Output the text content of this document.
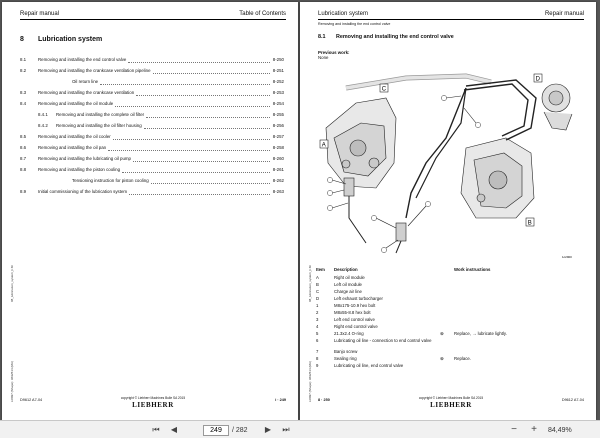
Repair manual	Table of Contents
8 Lubrication system
8.1	Removing and installing the end control valve	8-250
8.2	Removing and installing the crankcase ventilation pipeline	8-251
Oil return line	8-252
8.3	Removing and installing the crankcase ventilation	8-253
8.4	Removing and installing the oil module	8-254
8.4.1 Removing and installing the complete oil filter	8-255
8.4.2 Removing and installing the oil filter housing	8-256
8.5	Removing and installing the oil cooler	8-257
8.6	Removing and installing the oil pan	8-258
8.7	Removing and installing the lubricating oil pump	8-260
8.8	Removing and installing the piston cooling	8-261
Tensioning instruction for piston cooling	8-262
8.9	Initial commissioning of the lubrication system	8-263
08_lubrication_system_lr.fm
LR097 (Shape): 9692514 (MA) D9612 A7-04	copyright © Liebherr Machines Bulle SA 2015
LIEBHERR
i · 249
Lubrication system	Repair manual
Removing and installing the end control valve
8.1 Removing and installing the end control valve
Previous work:
None
A
B
C
D
1c2900
Item Description	Work instructions
A	Right oil module
B	Left oil module
C	Charge air line
D	Left exhaust turbocharger
1	M8x175-10.9 hex bolt
2	M8x55-8.8 hex bolt
3	Left end control valve
4	Right end control valve
5	21.3x2.4 O-ring	⊗ Replace, → lubricate lightly.
6	Lubricating oil line - connection to end control valve
7	Banjo screw
8	Sealing ring	⊗ Replace.
9	Lubricating oil line, end control valve
08_lubrication_system_lr.fm
LR097 (Shape): 9692514 (MA) 8 · 250	copyright © Liebherr Machines Bulle SA 2015
LIEBHERR
D9612 A7-04
⏮	◀
249	/ 282	▶	⏭	−	+	84,49%
